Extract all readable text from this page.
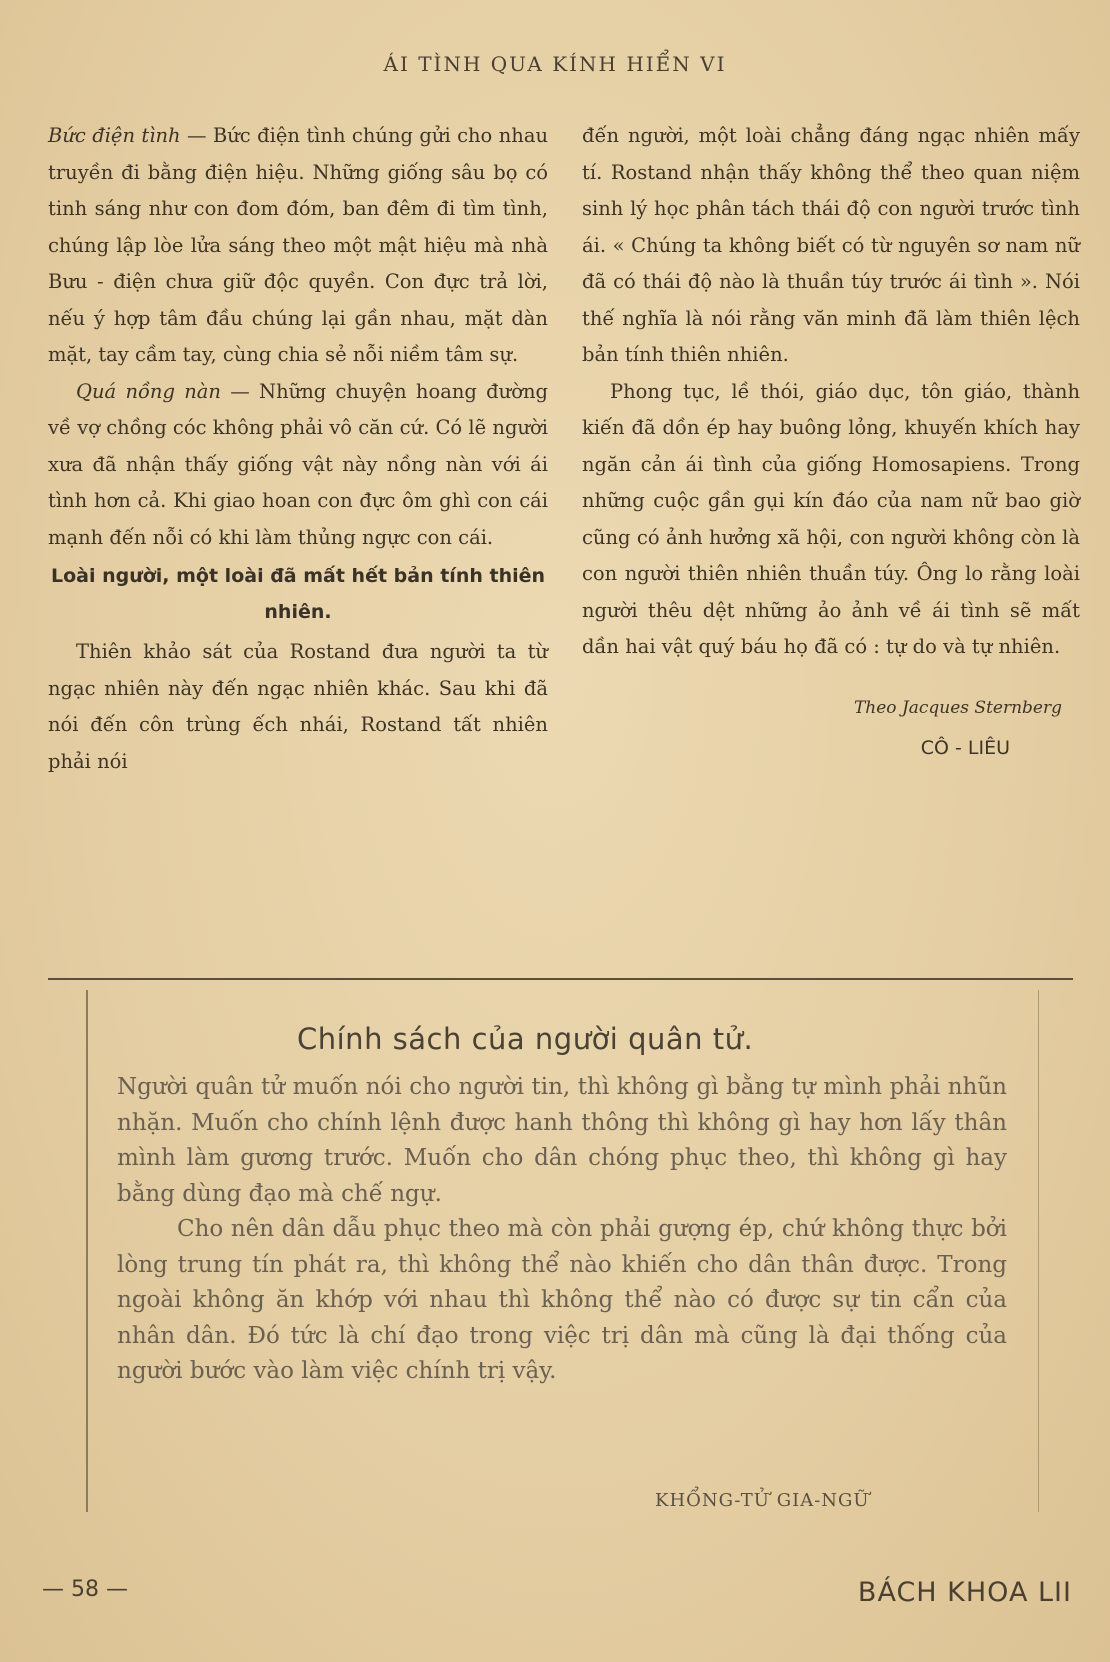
ÁI TÌNH QUA KÍNH HIỂN VI

Bức điện tình — Bức điện tình chúng gửi cho nhau truyền đi bằng điện hiệu. Những giống sâu bọ có tinh sáng như con đom đóm, ban đêm đi tìm tình, chúng lập lòe lửa sáng theo một mật hiệu mà nhà Bưu - điện chưa giữ độc quyền. Con đực trả lời, nếu ý hợp tâm đầu chúng lại gần nhau, mặt dàn mặt, tay cầm tay, cùng chia sẻ nỗi niềm tâm sự.

Quá nồng nàn — Những chuyện hoang đường về vợ chồng cóc không phải vô căn cứ. Có lẽ người xưa đã nhận thấy giống vật này nồng nàn với ái tình hơn cả. Khi giao hoan con đực ôm ghì con cái mạnh đến nỗi có khi làm thủng ngực con cái.

Loài người, một loài đã mất hết bản tính thiên nhiên.

Thiên khảo sát của Rostand đưa người ta từ ngạc nhiên này đến ngạc nhiên khác. Sau khi đã nói đến côn trùng ếch nhái, Rostand tất nhiên phải nói

đến người, một loài chẳng đáng ngạc nhiên mấy tí. Rostand nhận thấy không thể theo quan niệm sinh lý học phân tách thái độ con người trước tình ái. « Chúng ta không biết có từ nguyên sơ nam nữ đã có thái độ nào là thuần túy trước ái tình ». Nói thế nghĩa là nói rằng văn minh đã làm thiên lệch bản tính thiên nhiên.

Phong tục, lề thói, giáo dục, tôn giáo, thành kiến đã dồn ép hay buông lỏng, khuyến khích hay ngăn cản ái tình của giống Homosapiens. Trong những cuộc gần gụi kín đáo của nam nữ bao giờ cũng có ảnh hưởng xã hội, con người không còn là con người thiên nhiên thuần túy. Ông lo rằng loài người thêu dệt những ảo ảnh về ái tình sẽ mất dần hai vật quý báu họ đã có : tự do và tự nhiên.

Theo Jacques Sternberg
CÔ - LIÊU
Chính sách của người quân tử.

Người quân tử muốn nói cho người tin, thì không gì bằng tự mình phải nhũn nhặn. Muốn cho chính lệnh được hanh thông thì không gì hay hơn lấy thân mình làm gương trước. Muốn cho dân chóng phục theo, thì không gì hay bằng dùng đạo mà chế ngự.

Cho nên dân dẫu phục theo mà còn phải gượng ép, chứ không thực bởi lòng trung tín phát ra, thì không thể nào khiến cho dân thân được. Trong ngoài không ăn khớp với nhau thì không thể nào có được sự tin cẩn của nhân dân. Đó tức là chí đạo trong việc trị dân mà cũng là đại thống của người bước vào làm việc chính trị vậy.

KHỔNG-TỬ GIA-NGỮ
— 58 —	BÁCH KHOA LII
